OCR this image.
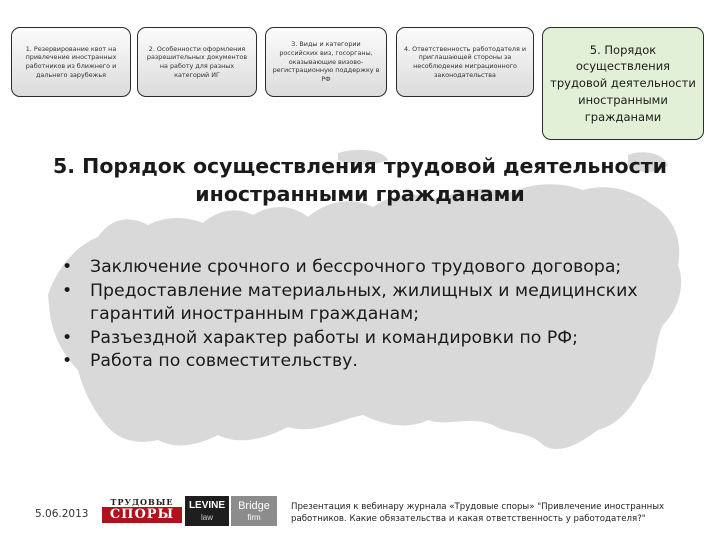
1. Резервирование квот на привлечение иностранных работников из ближнего и дальнего зарубежья
2. Особенности оформления разрешительных документов на работу для разных категорий ИГ
3. Виды и категории российских виз, госорганы, оказывающие визово-регистрационную поддержку в РФ
4. Ответственность работодателя и приглашающей стороны за несоблюдение миграционного законодательства
5. Порядок осуществления трудовой деятельности иностранными гражданами
5. Порядок осуществления трудовой деятельности иностранными гражданами
• Заключение срочного и бессрочного трудового договора;
• Предоставление материальных, жилищных и медицинских гарантий иностранным гражданам;
• Разъездной характер работы и командировки по РФ;
• Работа по совместительству.
5.06.2013
ТРУДОВЫЕ
СПОРЫ
LEVINE
law
Bridge
firm
Презентация к вебинару журнала «Трудовые споры» "Привлечение иностранных работников. Какие обязательства и какая ответственность у работодателя?"
